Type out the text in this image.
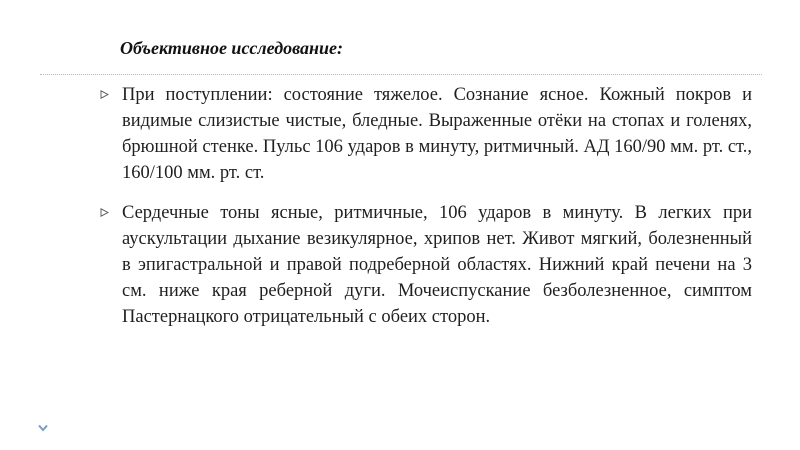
Объективное исследование:
При поступлении: состояние тяжелое. Сознание ясное. Кожный покров и видимые слизистые чистые, бледные. Выраженные отёки на стопах и голенях, брюшной стенке. Пульс 106 ударов в минуту, ритмичный. АД 160/90 мм. рт. ст., 160/100 мм. рт. ст.
Сердечные тоны ясные, ритмичные, 106 ударов в минуту. В легких при аускультации дыхание везикулярное, хрипов нет. Живот мягкий, болезненный в эпигастральной и правой подреберной областях. Нижний край печени на 3 см. ниже края реберной дуги. Мочеиспускание безболезненное, симптом Пастернацкого отрицательный с обеих сторон.
